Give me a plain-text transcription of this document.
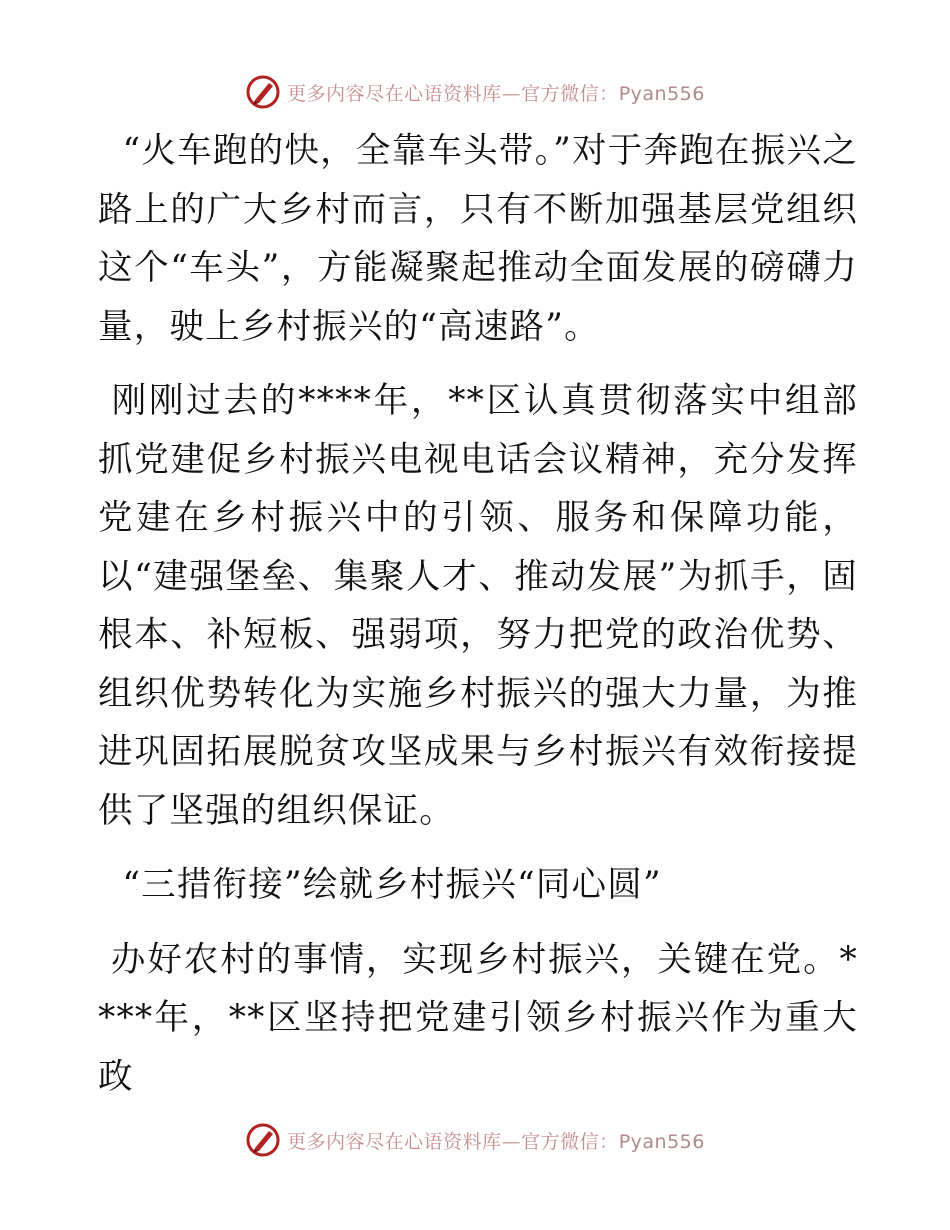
更多内容尽在心语资料库—官方微信：Pyan556

“火车跑的快，全靠车头带。”对于奔跑在振兴之路上的广大乡村而言，只有不断加强基层党组织这个“车头”，方能凝聚起推动全面发展的磅礴力量，驶上乡村振兴的“高速路”。

刚刚过去的****年，**区认真贯彻落实中组部抓党建促乡村振兴电视电话会议精神，充分发挥党建在乡村振兴中的引领、服务和保障功能，以“建强堡垒、集聚人才、推动发展”为抓手，固根本、补短板、强弱项，努力把党的政治优势、组织优势转化为实施乡村振兴的强大力量，为推进巩固拓展脱贫攻坚成果与乡村振兴有效衔接提供了坚强的组织保证。

“三措衔接”绘就乡村振兴“同心圆”

办好农村的事情，实现乡村振兴，关键在党。****年，**区坚持把党建引领乡村振兴作为重大政

更多内容尽在心语资料库—官方微信：Pyan556
